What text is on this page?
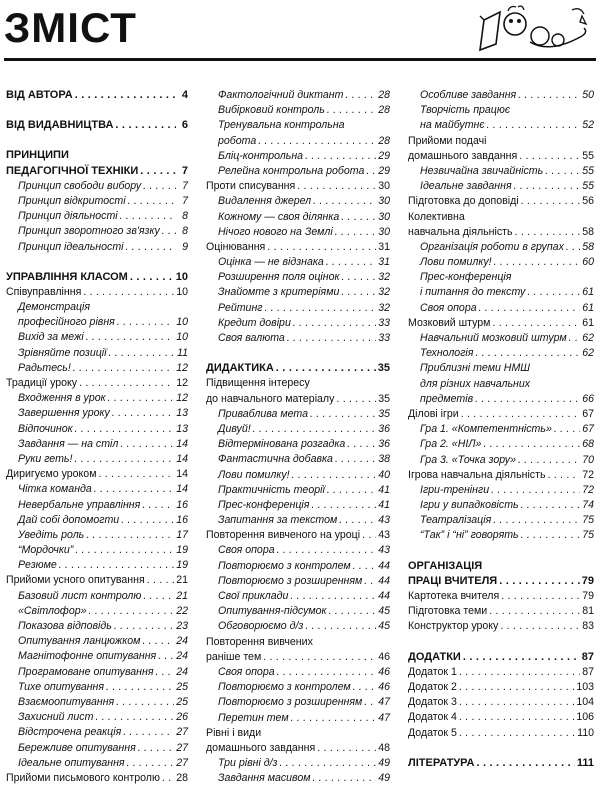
ЗМІСТ
ВІД АВТОРА . . .	4
ВІД ВИДАВНИЦТВА . . .	6
ПРИНЦИПИ
ПЕДАГОГІЧНОЇ ТЕХНІКИ . . .	7
Принцип свободи вибору . . .	7
Принцип відкритості . . .	7
Принцип діяльності . . .	8
Принцип зворотного зв'язку . . .	8
Принцип ідеальності . . .	9
УПРАВЛІННЯ КЛАСОМ . . .	10
Співуправління . . .	10
Демонстрація
професійного рівня . . .	10
Вихід за межі . . .	10
Зрівняйте позиції . . .	11
Радьтесь! . . .	12
Традиції уроку . . .	12
Входження в урок . . .	12
Завершення уроку . . .	13
Відпочинок . . .	13
Завдання — на стіл . . .	14
Руки геть! . . .	14
Диригуємо уроком . . .	14
Чітка команда . . .	14
Невербальне управління . . .	16
Дай собі допомогти . . .	16
Уведіть роль . . .	17
“Мордочки” . . .	19
Резюме . . .	19
Прийоми усного опитування . . .	21
Базовий лист контролю . . .	21
«Світлофор» . . .	22
Показова відповідь . . .	23
Опитування ланцюжком . . .	24
Магнітофонне опитування . . . 24
Програмоване опитування . . . 24
Тихе опитування . . .	25
Взаємоопитування . . .	25
Захисний лист . . .	26
Відстрочена реакція . . .	27
Бережливе опитування . . .	27
Ідеальне опитування . . .	27
Прийоми письмового контролю . . . 28
Фактологічний диктант . . .	28
Вибірковий контроль . . .	28
Тренувальна контрольна
робота . . .	28
Бліц-контрольна . . .	29
Релейна контрольна робота . . . 29
Проти списування . . .	30
Видалення джерел . . .	30
Кожному — своя ділянка . . .	30
Нічого нового на Землі . . .	30
Оцінювання . . .	31
Оцінка — не відзнака . . .	31
Розширення поля оцінок . . .	32
Знайомте з критеріями . . .	32
Рейтинг . . .	32
Кредит довіри . . .	33
Своя валюта . . .	33
ДИДАКТИКА . . .	35
Підвищення інтересу
до навчального матеріалу . . .	35
Приваблива мета . . .	35
Дивуй! . . .	36
Відтермінована розгадка . . .	36
Фантастична добавка . . .	38
Лови помилку! . . .	40
Практичність теорії . . .	41
Прес-конференція . . .	41
Запитання за текстом . . .	43
Повторення вивченого на уроці . . . 43
Своя опора . . .	43
Повторюємо з контролем . . .	44
Повторюємо з розширенням . . . 44
Свої приклади . . .	44
Опитування-підсумок . . .	45
Обговорюємо д/з . . .	45
Повторення вивчених
раніше тем . . .	46
Своя опора . . .	46
Повторюємо з контролем . . .	46
Повторюємо з розширенням . . . 47
Перетин тем . . .	47
Рівні і види
домашнього завдання . . .	48
Три рівні д/з . . .	49
Завдання масивом . . .	49
Особливе завдання . . .	50
Творчість працює
на майбутнє . . .	52
Прийоми подачі
домашнього завдання . . .	55
Незвичайна звичайність . . .	55
Ідеальне завдання . . .	55
Підготовка до доповіді . . .	56
Колективна
навчальна діяльність . . .	58
Організація роботи в групах . . . 58
Лови помилку! . . .	60
Прес-конференція
і питання до тексту . . .	61
Своя опора . . .	61
Мозковий штурм . . .	61
Навчальний мозковий штурм . . . 62
Технологія . . .	62
Приблизні теми НМШ
для різних навчальних
предметів . . .	66
Ділові ігри . . .	67
Гра 1. «Компетентність» . . .	67
Гра 2. «НІЛ» . . .	68
Гра 3. «Точка зору» . . .	70
Ігрова навчальна діяльність . . .	72
Ігри-тренінги . . .	72
Ігри у випадковість . . .	74
Театралізація . . .	75
“Так” і “ні” говорять . . .	75
ОРГАНІЗАЦІЯ
ПРАЦІ ВЧИТЕЛЯ . . .	79
Картотека вчителя . . .	79
Підготовка теми . . .	81
Конструктор уроку . . .	83
ДОДАТКИ . . .	87
Додаток 1 . . .	87
Додаток 2 . . .	103
Додаток 3 . . .	104
Додаток 4 . . .	106
Додаток 5 . . .	110
ЛІТЕРАТУРА . . .	111
